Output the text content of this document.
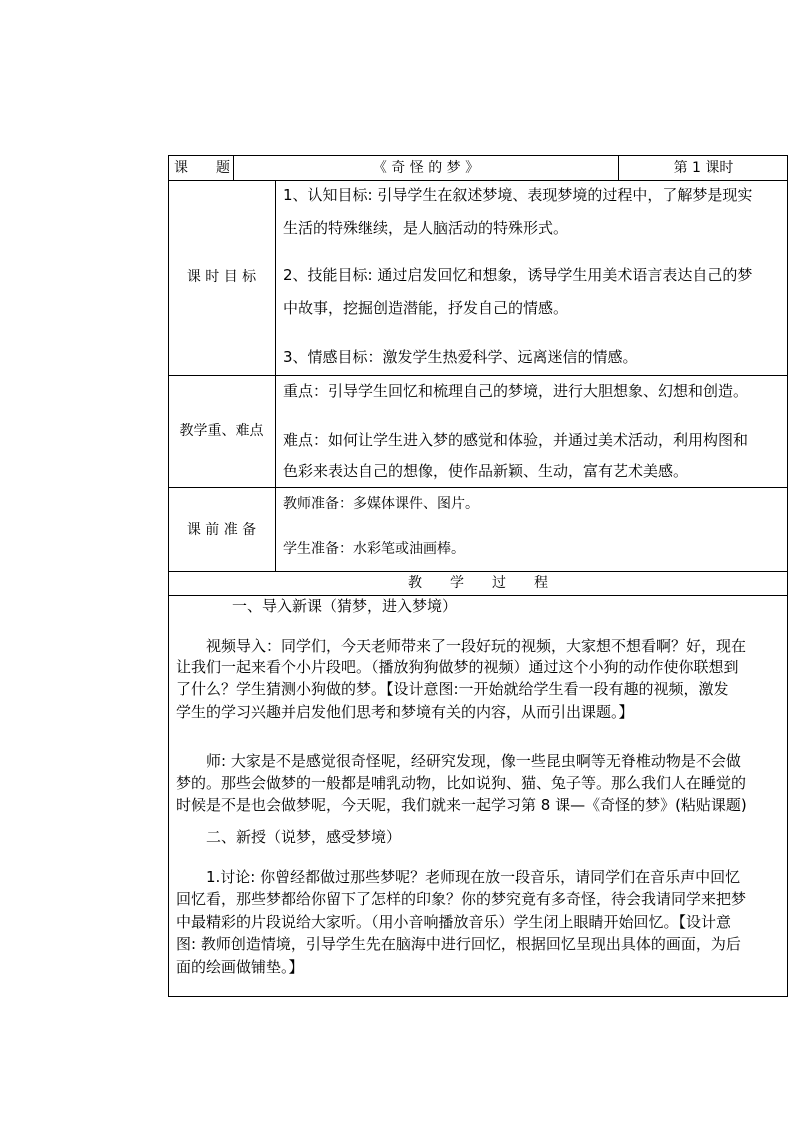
课　　题	《 奇 怪 的 梦 》	第 1 课时
课 时 目 标
1、认知目标: 引导学生在叙述梦境、表现梦境的过程中，了解梦是现实
生活的特殊继续，是人脑活动的特殊形式。
2、技能目标: 通过启发回忆和想象，诱导学生用美术语言表达自己的梦
中故事，挖掘创造潜能，抒发自己的情感。
3、情感目标：激发学生热爱科学、远离迷信的情感。
教学重、难点
重点：引导学生回忆和梳理自己的梦境，进行大胆想象、幻想和创造。
难点：如何让学生进入梦的感觉和体验，并通过美术活动，利用构图和
色彩来表达自己的想像，使作品新颖、生动，富有艺术美感。
课 前 准 备
教师准备：多媒体课件、图片。
学生准备：水彩笔或油画棒。
教　　学　　过　　程
一、导入新课（猜梦，进入梦境）
视频导入：同学们，今天老师带来了一段好玩的视频，大家想不想看啊？好，现在
让我们一起来看个小片段吧。（播放狗狗做梦的视频）通过这个小狗的动作使你联想到
了什么？学生猜测小狗做的梦。【设计意图:一开始就给学生看一段有趣的视频，激发
学生的学习兴趣并启发他们思考和梦境有关的内容，从而引出课题。】
师: 大家是不是感觉很奇怪呢，经研究发现，像一些昆虫啊等无脊椎动物是不会做
梦的。那些会做梦的一般都是哺乳动物，比如说狗、猫、兔子等。那么我们人在睡觉的
时候是不是也会做梦呢，今天呢，我们就来一起学习第 8 课—《奇怪的梦》(粘贴课题)
二、新授（说梦，感受梦境）
1.讨论: 你曾经都做过那些梦呢？老师现在放一段音乐，请同学们在音乐声中回忆
回忆看，那些梦都给你留下了怎样的印象？你的梦究竟有多奇怪，待会我请同学来把梦
中最精彩的片段说给大家听。（用小音响播放音乐）学生闭上眼睛开始回忆。【设计意
图: 教师创造情境，引导学生先在脑海中进行回忆，根据回忆呈现出具体的画面，为后
面的绘画做铺垫。】
